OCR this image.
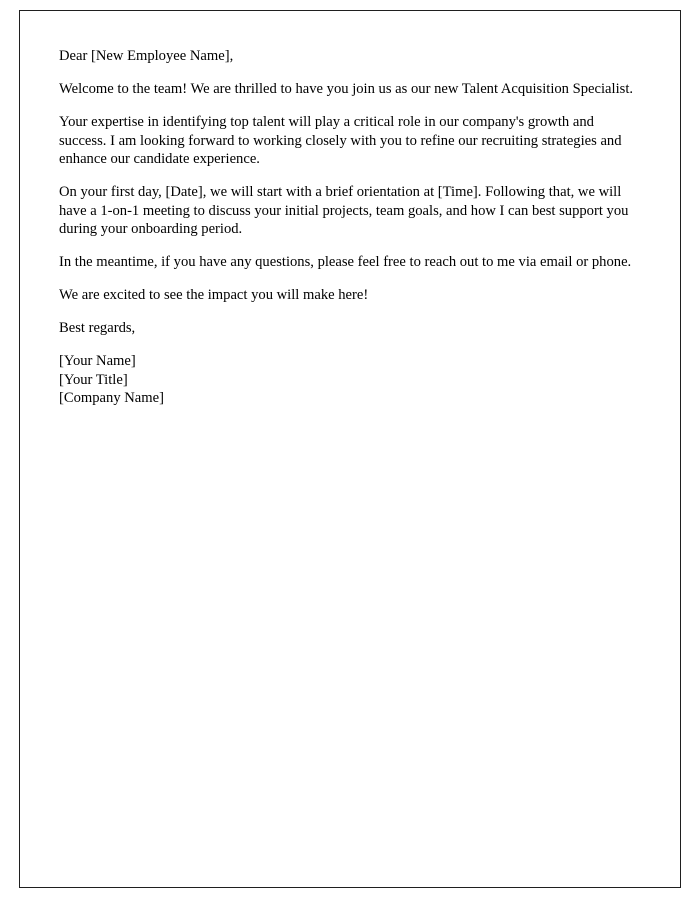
Dear [New Employee Name],

Welcome to the team! We are thrilled to have you join us as our new Talent Acquisition Specialist.

Your expertise in identifying top talent will play a critical role in our company's growth and success. I am looking forward to working closely with you to refine our recruiting strategies and enhance our candidate experience.

On your first day, [Date], we will start with a brief orientation at [Time]. Following that, we will have a 1-on-1 meeting to discuss your initial projects, team goals, and how I can best support you during your onboarding period.

In the meantime, if you have any questions, please feel free to reach out to me via email or phone.

We are excited to see the impact you will make here!

Best regards,

[Your Name]

[Your Title]

[Company Name]
